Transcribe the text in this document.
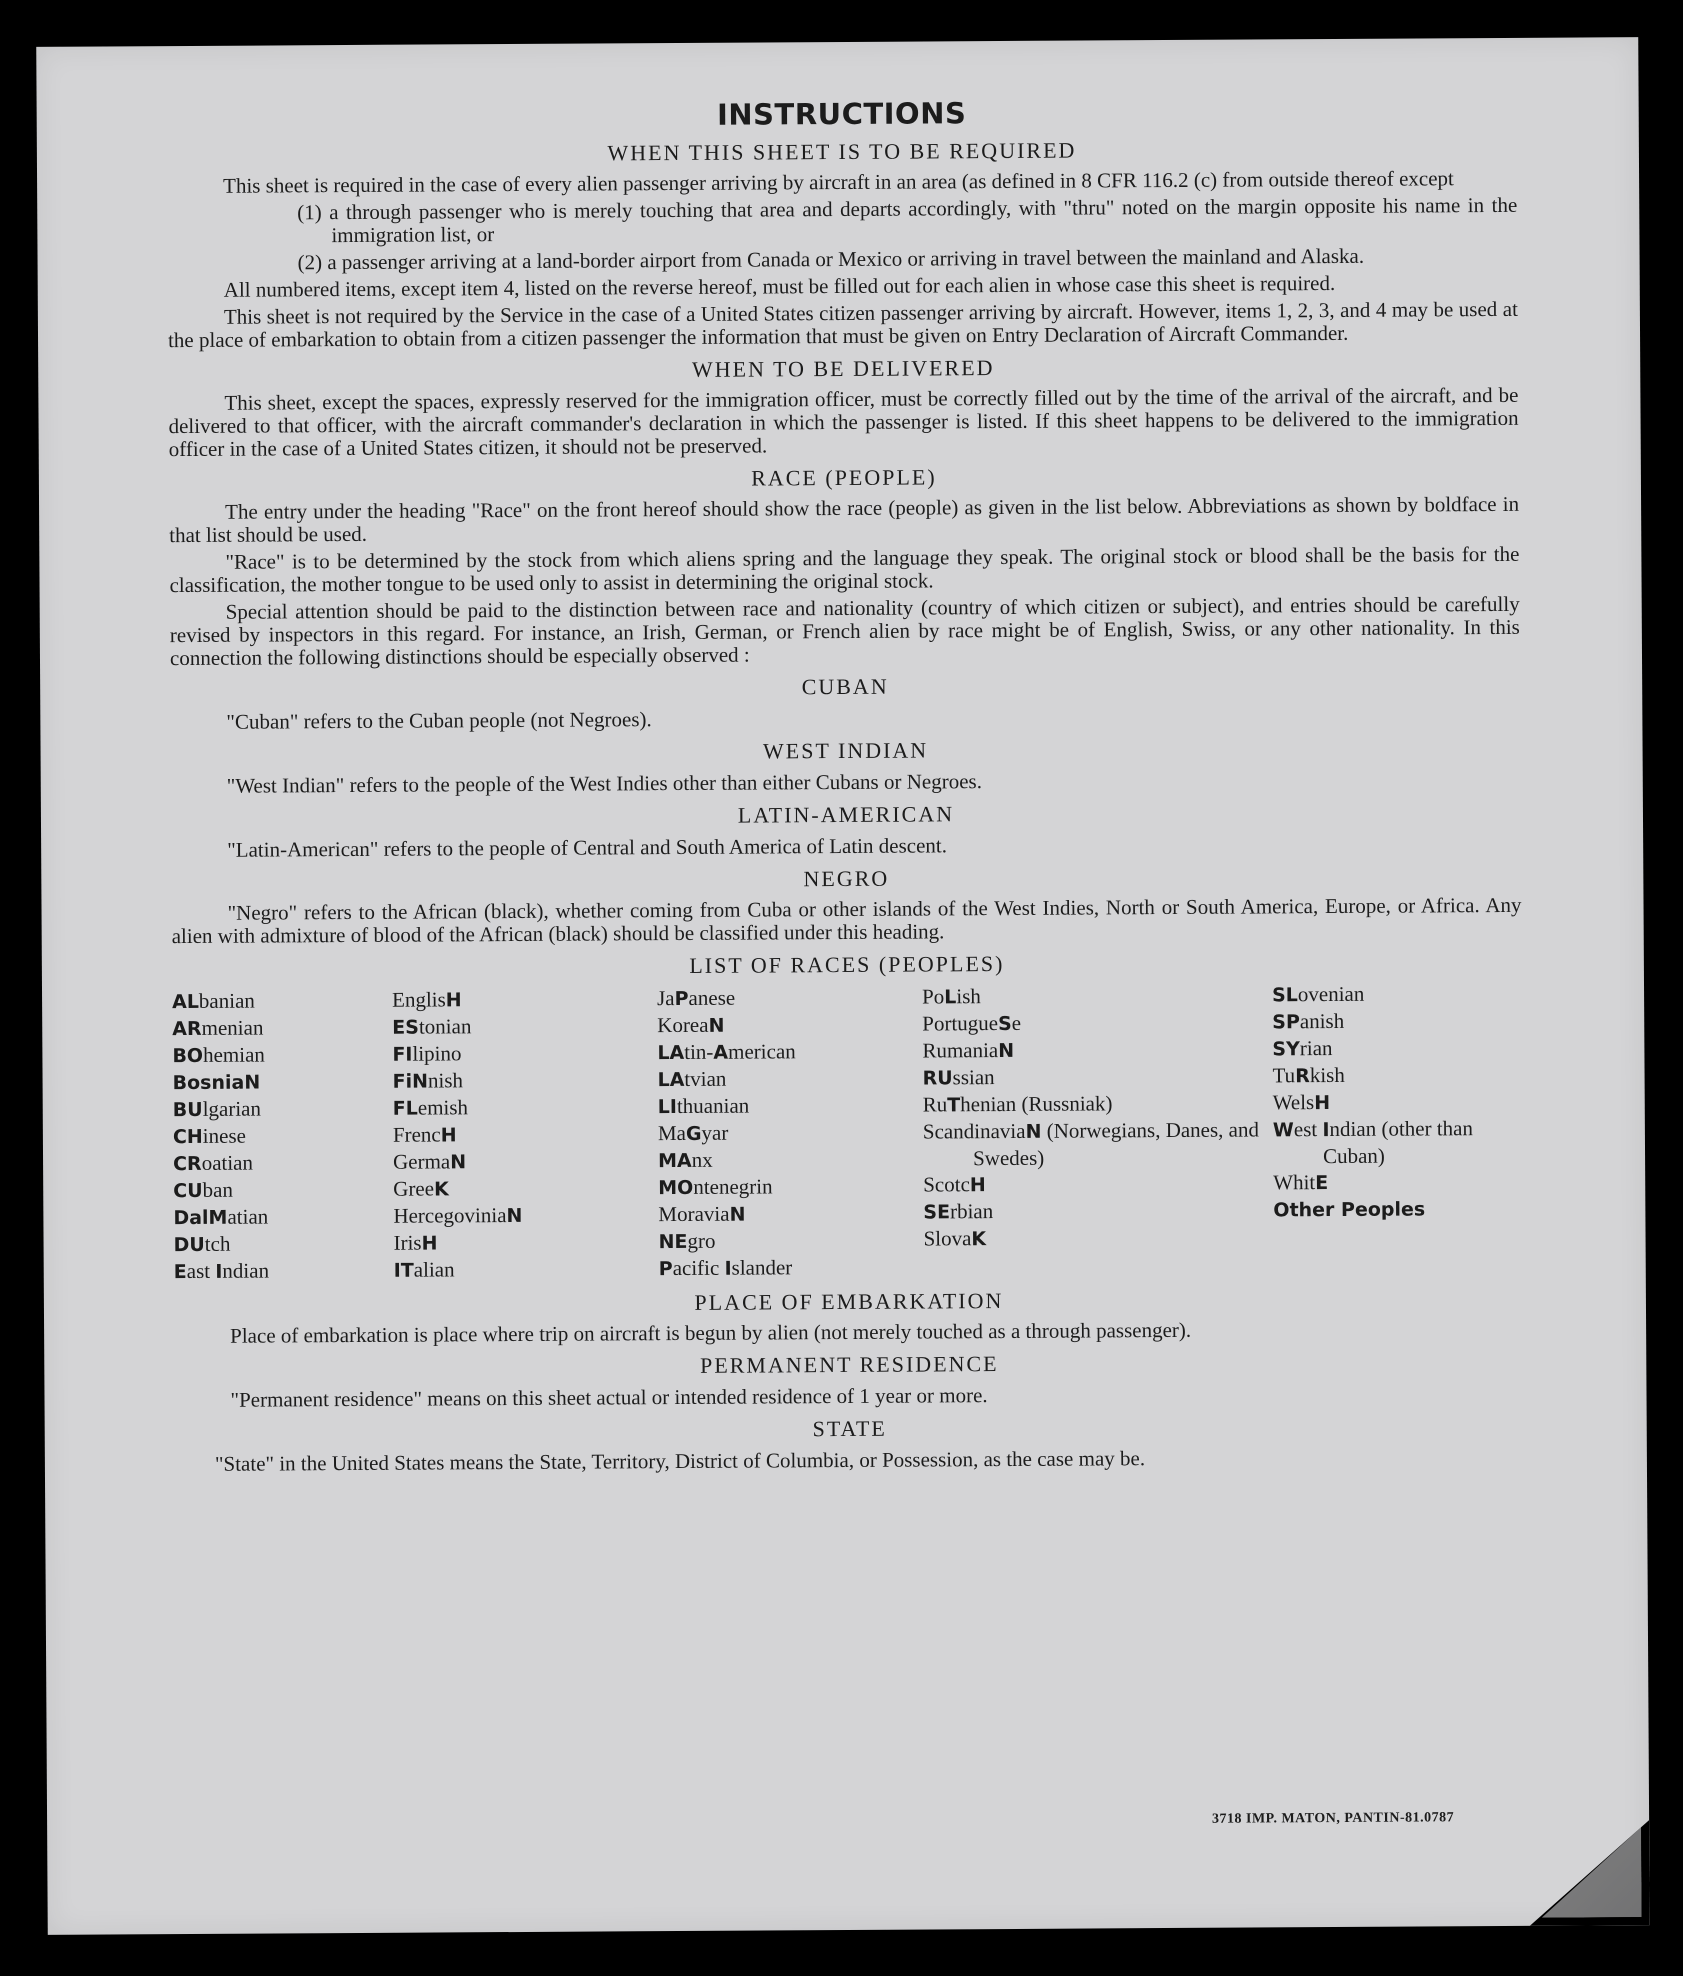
INSTRUCTIONS
WHEN THIS SHEET IS TO BE REQUIRED

This sheet is required in the case of every alien passenger arriving by aircraft in an area (as defined in 8 CFR 116.2 (c) from outside thereof except

(1) a through passenger who is merely touching that area and departs accordingly, with "thru" noted on the margin opposite his name in the immigration list, or
(2) a passenger arriving at a land-border airport from Canada or Mexico or arriving in travel between the mainland and Alaska.

All numbered items, except item 4, listed on the reverse hereof, must be filled out for each alien in whose case this sheet is required.

This sheet is not required by the Service in the case of a United States citizen passenger arriving by aircraft. However, items 1, 2, 3, and 4 may be used at the place of embarkation to obtain from a citizen passenger the information that must be given on Entry Declaration of Aircraft Commander.

WHEN TO BE DELIVERED

This sheet, except the spaces, expressly reserved for the immigration officer, must be correctly filled out by the time of the arrival of the aircraft, and be delivered to that officer, with the aircraft commander's declaration in which the passenger is listed. If this sheet happens to be delivered to the immigration officer in the case of a United States citizen, it should not be preserved.

RACE (PEOPLE)

The entry under the heading "Race" on the front hereof should show the race (people) as given in the list below. Abbreviations as shown by boldface in that list should be used.

"Race" is to be determined by the stock from which aliens spring and the language they speak. The original stock or blood shall be the basis for the classification, the mother tongue to be used only to assist in determining the original stock.

Special attention should be paid to the distinction between race and nationality (country of which citizen or subject), and entries should be carefully revised by inspectors in this regard. For instance, an Irish, German, or French alien by race might be of English, Swiss, or any other nationality. In this connection the following distinctions should be especially observed :

CUBAN
"Cuban" refers to the Cuban people (not Negroes).
WEST INDIAN
"West Indian" refers to the people of the West Indies other than either Cubans or Negroes.
LATIN-AMERICAN
"Latin-American" refers to the people of Central and South America of Latin descent.
NEGRO

"Negro" refers to the African (black), whether coming from Cuba or other islands of the West Indies, North or South America, Europe, or Africa. Any alien with admixture of blood of the African (black) should be classified under this heading.

LIST OF RACES (PEOPLES)
ALbanian
ARmenian
BOhemian
BosniaN
BUlgarian
CHinese
CRoatian
CUban
DalMatian
DUtch
East Indian
EnglisH
EStonian
FIlipino
FiNnish
FLemish
FrencH
GermaN
GreeK
HercegoviniaN
IrisH
ITalian
JaPanese
KoreaN
LAtin-American
LAtvian
LIthuanian
MaGyar
MAnx
MOntenegrin
MoraviaN
NEgro
Pacific Islander
PoLish
PortugueSe
RumaniaN
RUssian
RuThenian (Russniak)
ScandinaviaN (Norwegians, Danes, and Swedes)
ScotcH
SErbian
SlovaK
SLovenian
SPanish
SYrian
TuRkish
WelsH
West Indian (other than Cuban)
WhitE
Other Peoples
PLACE OF EMBARKATION

Place of embarkation is place where trip on aircraft is begun by alien (not merely touched as a through passenger).

PERMANENT RESIDENCE
"Permanent residence" means on this sheet actual or intended residence of 1 year or more.
STATE
"State" in the United States means the State, Territory, District of Columbia, or Possession, as the case may be.
3718 IMP. MATON, PANTIN-81.0787
